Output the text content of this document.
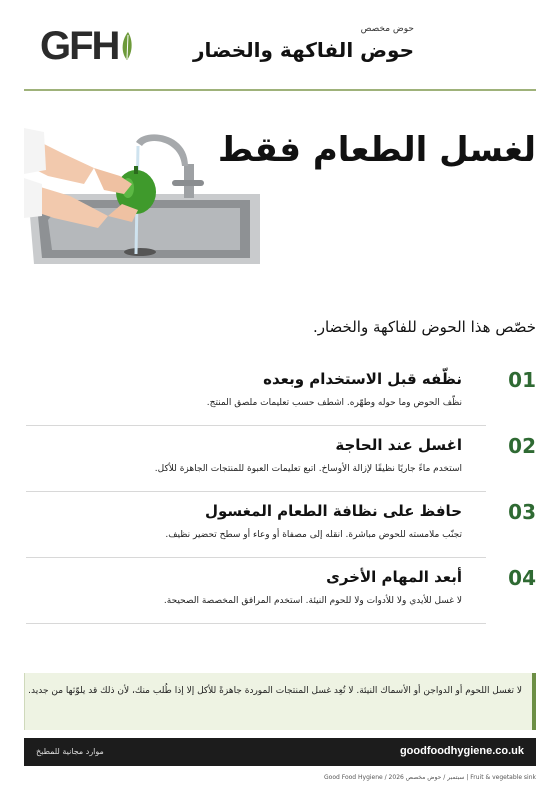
GFH	حوض مخصص
حوض الفاكهة والخضار
لغسل الطعام فقط
خصّص هذا الحوض للفاكهة والخضار.
01
نظّفه قبل الاستخدام وبعده
نظّف الحوض وما حوله وطهّره. اشطف حسب تعليمات ملصق المنتج.
02
اغسل عند الحاجة
استخدم ماءً جاريًا نظيفًا لإزالة الأوساخ. اتبع تعليمات العبوة للمنتجات الجاهزة للأكل.
03
حافظ على نظافة الطعام المغسول
تجنّب ملامسته للحوض مباشرة. انقله إلى مصفاة أو وعاء أو سطح تحضير نظيف.
04
أبعد المهام الأخرى
لا غسل للأيدي ولا للأدوات ولا للحوم النيئة. استخدم المرافق المخصصة الصحيحة.
لا تغسل اللحوم أو الدواجن أو الأسماك النيئة. لا تُعِد غسل المنتجات الموردة جاهزةً للأكل إلا إذا طُلب منك، لأن ذلك قد يلوّثها من جديد.
goodfoodhygiene.co.uk
موارد مجانية للمطبخ
Good Food Hygiene / 2026 سبتمبر / حوض مخصص | Fruit & vegetable sink
